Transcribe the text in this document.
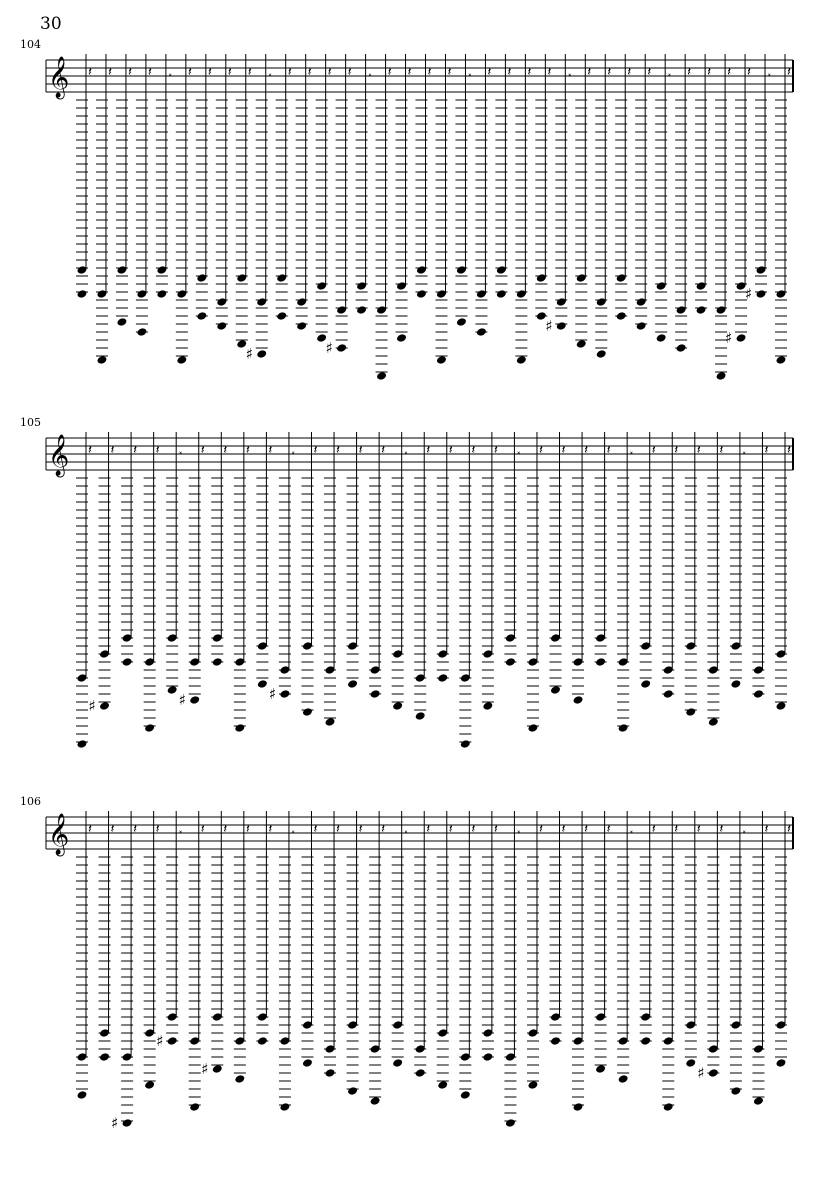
30
104
105
106
𝄞 𝄽 𝄽 𝄽 𝄽 𝅃 𝄽 𝄽 𝄽 𝄽
♯
𝅃 𝄽 𝄽 𝄽
♯
𝄽 𝅃 𝄽 𝄽 𝄽 𝄽 𝅃 𝄽 𝄽 𝄽 𝄽
♯
𝅃 𝄽 𝄽 𝄽 𝄽 𝅃 𝄽 𝄽 𝄽
♯
𝄽
♯
𝅃 𝄽
𝄞 𝄽
♯
𝄽 𝄽 𝄽 𝅃
♯
𝄽 𝄽 𝄽 𝄽
♯
𝅃 𝄽 𝄽 𝄽 𝄽 𝅃 𝄽 𝄽 𝄽 𝄽 𝅃 𝄽 𝄽 𝄽 𝄽 𝅃 𝄽 𝄽 𝄽 𝄽 𝅃 𝄽 𝄽
𝄞 𝄽 𝄽
♯
𝄽 𝄽
♯
𝅃 𝄽
♯
𝄽 𝄽 𝄽 𝅃 𝄽 𝄽 𝄽 𝄽 𝅃 𝄽 𝄽 𝄽 𝄽 𝅃 𝄽 𝄽 𝄽 𝄽 𝅃 𝄽 𝄽 𝄽
♯
𝄽 𝅃 𝄽 𝄽
